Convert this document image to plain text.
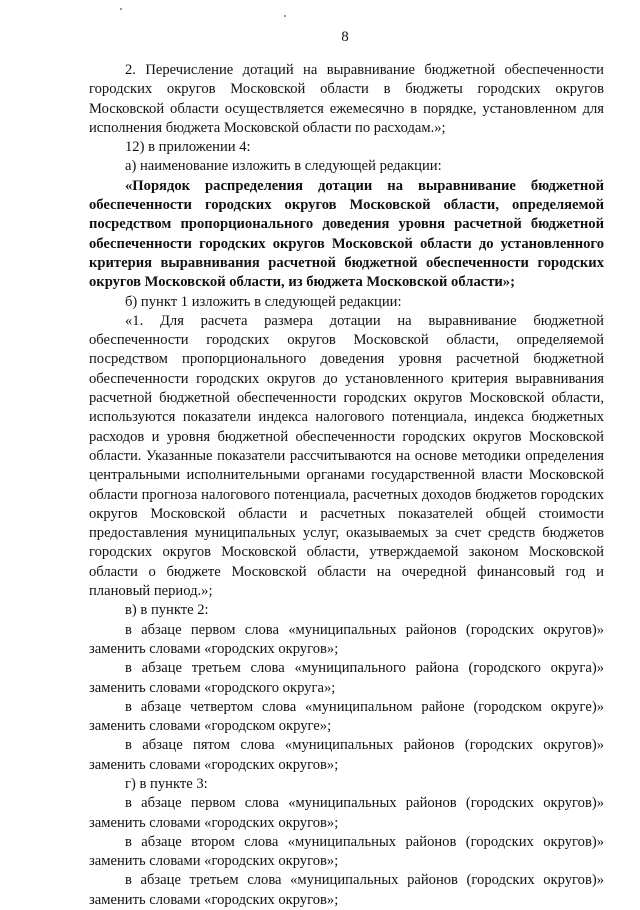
8

2. Перечисление дотаций на выравнивание бюджетной обеспеченности городских округов Московской области в бюджеты городских округов Московской области осуществляется ежемесячно в порядке, установленном для исполнения бюджета Московской области по расходам.»;

12) в приложении 4:

а) наименование изложить в следующей редакции:

«Порядок распределения дотации на выравнивание бюджетной обеспеченности городских округов Московской области, определяемой посредством пропорционального доведения уровня расчетной бюджетной обеспеченности городских округов Московской области до установленного критерия выравнивания расчетной бюджетной обеспеченности городских округов Московской области, из бюджета Московской области»;

б) пункт 1 изложить в следующей редакции:

«1. Для расчета размера дотации на выравнивание бюджетной обеспеченности городских округов Московской области, определяемой посредством пропорционального доведения уровня расчетной бюджетной обеспеченности городских округов до установленного критерия выравнивания расчетной бюджетной обеспеченности городских округов Московской области, используются показатели индекса налогового потенциала, индекса бюджетных расходов и уровня бюджетной обеспеченности городских округов Московской области. Указанные показатели рассчитываются на основе методики определения центральными исполнительными органами государственной власти Московской области прогноза налогового потенциала, расчетных доходов бюджетов городских округов Московской области и расчетных показателей общей стоимости предоставления муниципальных услуг, оказываемых за счет средств бюджетов городских округов Московской области, утверждаемой законом Московской области о бюджете Московской области на очередной финансовый год и плановый период.»;

в) в пункте 2:

в абзаце первом слова «муниципальных районов (городских округов)» заменить словами «городских округов»;

в абзаце третьем слова «муниципального района (городского округа)» заменить словами «городского округа»;

в абзаце четвертом слова «муниципальном районе (городском округе)» заменить словами «городском округе»;

в абзаце пятом слова «муниципальных районов (городских округов)» заменить словами «городских округов»;

г) в пункте 3:

в абзаце первом слова «муниципальных районов (городских округов)» заменить словами «городских округов»;

в абзаце втором слова «муниципальных районов (городских округов)» заменить словами «городских округов»;

в абзаце третьем слова «муниципальных районов (городских округов)» заменить словами «городских округов»;
